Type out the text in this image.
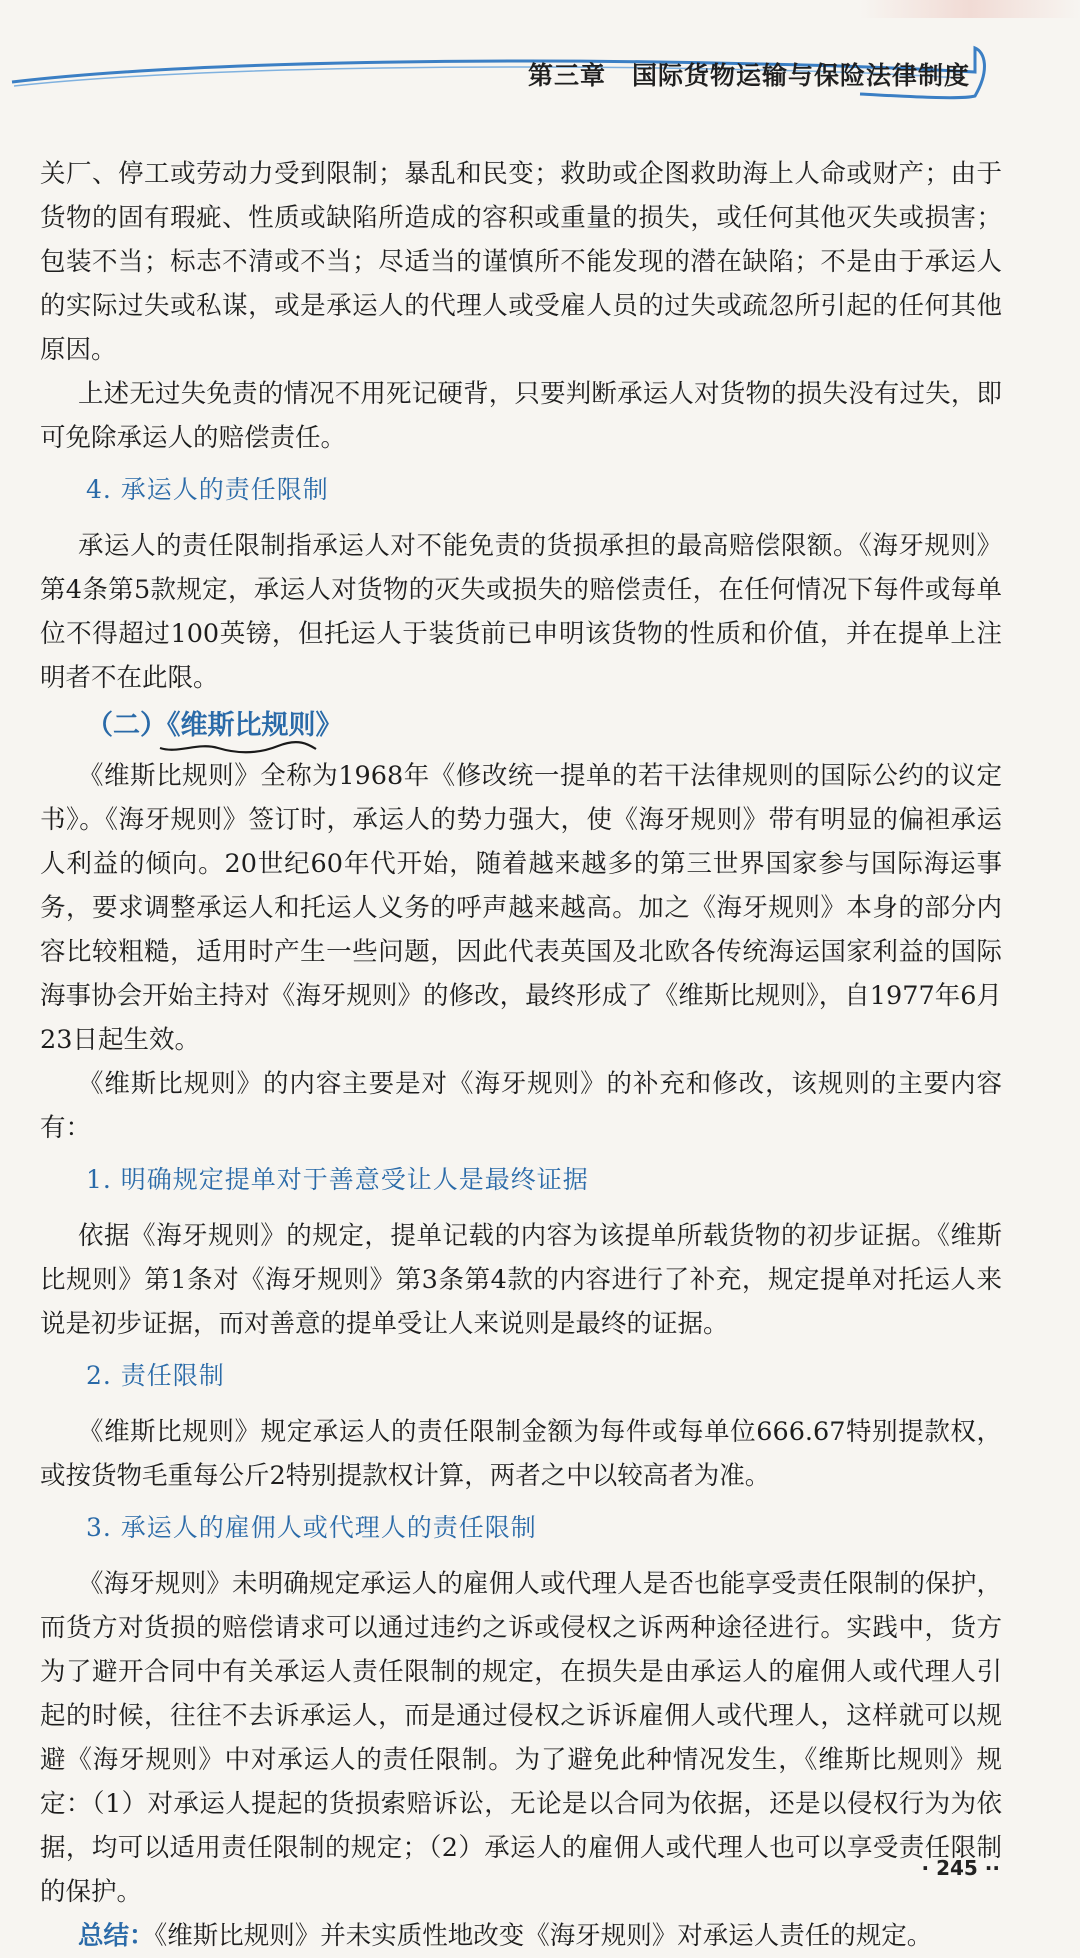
第三章　国际货物运输与保险法律制度

关厂、停工或劳动力受到限制；暴乱和民变；救助或企图救助海上人命或财产；由于货物的固有瑕疵、性质或缺陷所造成的容积或重量的损失，或任何其他灭失或损害；包装不当；标志不清或不当；尽适当的谨慎所不能发现的潜在缺陷；不是由于承运人的实际过失或私谋，或是承运人的代理人或受雇人员的过失或疏忽所引起的任何其他原因。

上述无过失免责的情况不用死记硬背，只要判断承运人对货物的损失没有过失，即可免除承运人的赔偿责任。

4. 承运人的责任限制

承运人的责任限制指承运人对不能免责的货损承担的最高赔偿限额。《海牙规则》第4条第5款规定，承运人对货物的灭失或损失的赔偿责任，在任何情况下每件或每单位不得超过100英镑，但托运人于装货前已申明该货物的性质和价值，并在提单上注明者不在此限。

（二）《维斯比规则》

《维斯比规则》全称为1968年《修改统一提单的若干法律规则的国际公约的议定书》。《海牙规则》签订时，承运人的势力强大，使《海牙规则》带有明显的偏袒承运人利益的倾向。20世纪60年代开始，随着越来越多的第三世界国家参与国际海运事务，要求调整承运人和托运人义务的呼声越来越高。加之《海牙规则》本身的部分内容比较粗糙，适用时产生一些问题，因此代表英国及北欧各传统海运国家利益的国际海事协会开始主持对《海牙规则》的修改，最终形成了《维斯比规则》，自1977年6月23日起生效。

《维斯比规则》的内容主要是对《海牙规则》的补充和修改，该规则的主要内容有：

1. 明确规定提单对于善意受让人是最终证据

依据《海牙规则》的规定，提单记载的内容为该提单所载货物的初步证据。《维斯比规则》第1条对《海牙规则》第3条第4款的内容进行了补充，规定提单对托运人来说是初步证据，而对善意的提单受让人来说则是最终的证据。

2. 责任限制

《维斯比规则》规定承运人的责任限制金额为每件或每单位666.67特别提款权，或按货物毛重每公斤2特别提款权计算，两者之中以较高者为准。

3. 承运人的雇佣人或代理人的责任限制

《海牙规则》未明确规定承运人的雇佣人或代理人是否也能享受责任限制的保护，而货方对货损的赔偿请求可以通过违约之诉或侵权之诉两种途径进行。实践中，货方为了避开合同中有关承运人责任限制的规定，在损失是由承运人的雇佣人或代理人引起的时候，往往不去诉承运人，而是通过侵权之诉诉雇佣人或代理人，这样就可以规避《海牙规则》中对承运人的责任限制。为了避免此种情况发生，《维斯比规则》规定：（1）对承运人提起的货损索赔诉讼，无论是以合同为依据，还是以侵权行为为依据，均可以适用责任限制的规定；（2）承运人的雇佣人或代理人也可以享受责任限制的保护。

总结：《维斯比规则》并未实质性地改变《海牙规则》对承运人责任的规定。

· 245 ··
